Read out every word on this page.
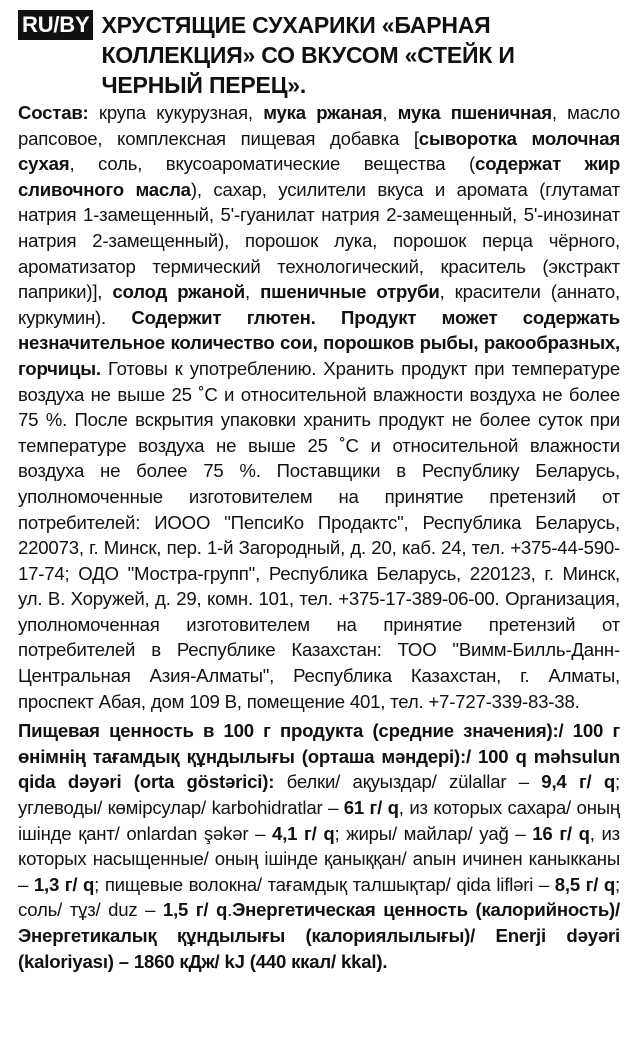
RU/BY ХРУСТЯЩИЕ СУХАРИКИ «БАРНАЯ КОЛЛЕКЦИЯ» СО ВКУСОМ «СТЕЙК И ЧЕРНЫЙ ПЕРЕЦ».

Состав: крупа кукурузная, мука ржаная, мука пшеничная, масло рапсовое, комплексная пищевая добавка [сыворотка молочная сухая, соль, вкусоароматические вещества (содержат жир сливочного масла), сахар, усилители вкуса и аромата (глутамат натрия 1-замещенный, 5'-гуанилат натрия 2-замещенный, 5'-инозинат натрия 2-замещенный), порошок лука, порошок перца чёрного, ароматизатор термический технологический, краситель (экстракт паприки)], солод ржаной, пшеничные отруби, красители (аннато, куркумин). Содержит глютен. Продукт может содержать незначительное количество сои, порошков рыбы, ракообразных, горчицы. Готовы к употреблению. Хранить продукт при температуре воздуха не выше 25 ˚С и относительной влажности воздуха не более 75 %. После вскрытия упаковки хранить продукт не более суток при температуре воздуха не выше 25 ˚С и относительной влажности воздуха не более 75 %. Поставщики в Республику Беларусь, уполномоченные изготовителем на принятие претензий от потребителей: ИООО "ПепсиКо Продактс", Республика Беларусь, 220073, г. Минск, пер. 1-й Загородный, д. 20, каб. 24, тел. +375-44-590-17-74; ОДО "Мостра-групп", Республика Беларусь, 220123, г. Минск, ул. В. Хоружей, д. 29, комн. 101, тел. +375-17-389-06-00. Организация, уполномоченная изготовителем на принятие претензий от потребителей в Республике Казахстан: ТОО "Вимм-Билль-Данн-Центральная Азия-Алматы", Республика Казахстан, г. Алматы, проспект Абая, дом 109 В, помещение 401, тел. +7-727-339-83-38.

Пищевая ценность в 100 г продукта (средние значения):/ 100 г өнімнің тағамдық құндылығы (орташа мәндері):/ 100 q məhsulun qida dəyəri (orta göstərici): белки/ ақуыздар/ zülallar – 9,4 г/ q; углеводы/ көмірсулар/ karbohidratlar – 61 г/ q, из которых сахара/ оның ішінде қант/ onlardan şəkər – 4,1 г/ q; жиры/ майлар/ yağ – 16 г/ q, из которых насыщенные/ оның ішінде қаныққан/ anын ичинен каныкканы – 1,3 г/ q; пищевые волокна/ тағамдық талшықтар/ qida lifləri – 8,5 г/ q; соль/ тұз/ duz – 1,5 г/ q.Энергетическая ценность (калорийность)/ Энергетикалық құндылығы (калориялылығы)/ Enerji dəyəri (kaloriyası) – 1860 кДж/ kJ (440 ккал/ kkal).
